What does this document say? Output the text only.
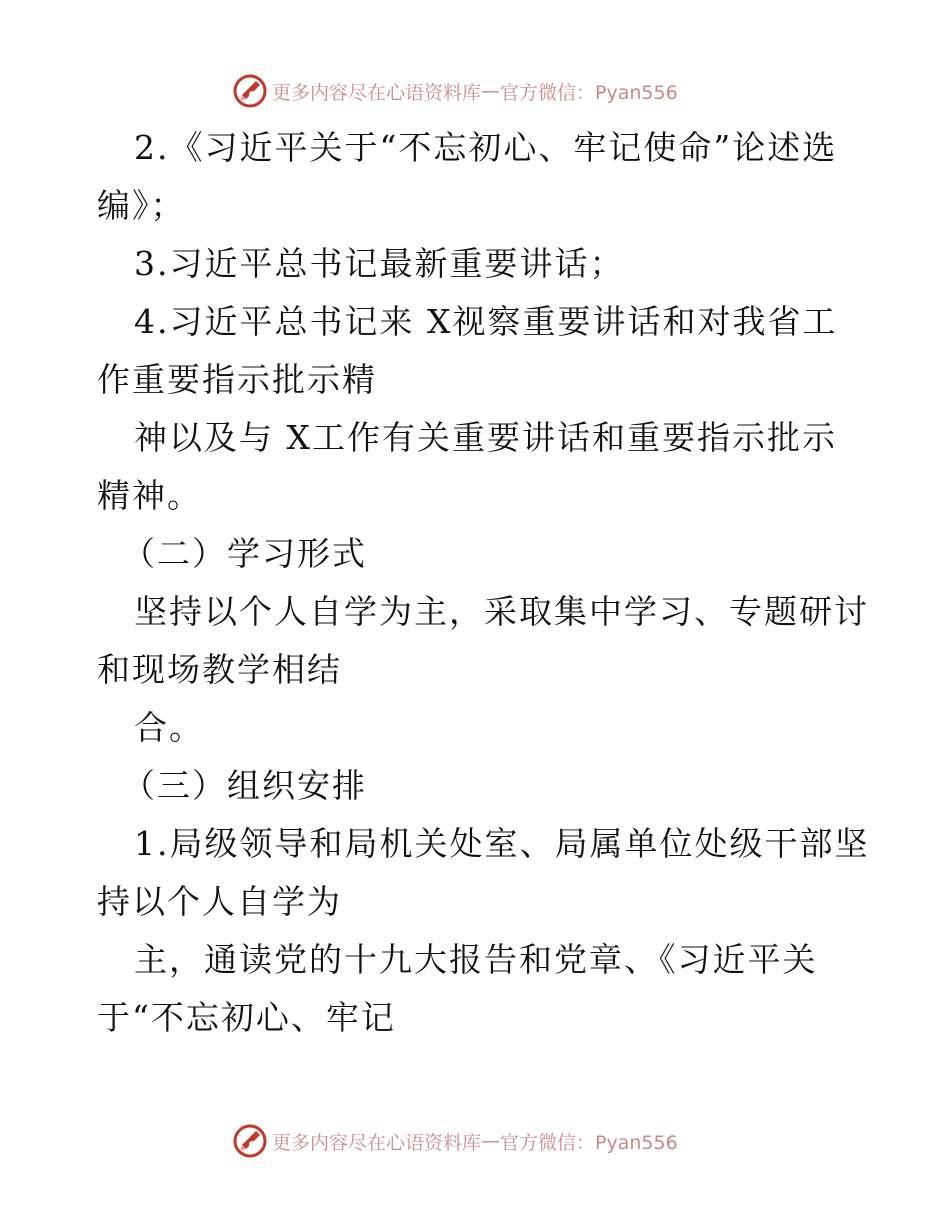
更多内容尽在心语资料库 — 官方微信：Pyan556
2.《习近平关于“不忘初心、牢记使命”论述选
编》；
3.习近平总书记最新重要讲话；
4.习近平总书记来 X视察重要讲话和对我省工
作重要指示批示精
神以及与 X工作有关重要讲话和重要指示批示
精神。
（二）学习形式
坚持以个人自学为主，采取集中学习、专题研讨
和现场教学相结
合。
（三）组织安排
1.局级领导和局机关处室、局属单位处级干部坚
持以个人自学为
主，通读党的十九大报告和党章、《习近平关
于“不忘初心、牢记
更多内容尽在心语资料库 — 官方微信：Pyan556
